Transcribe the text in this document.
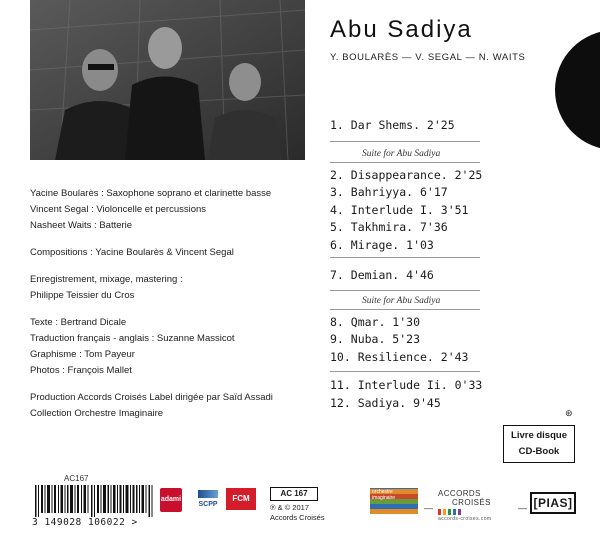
Yacine Boularès : Saxophone soprano et clarinette basse
Vincent Segal : Violoncelle et percussions
Nasheet Waits : Batterie
Compositions : Yacine Boularès & Vincent Segal
Enregistrement, mixage, mastering :
Philippe Teissier du Cros
Texte : Bertrand Dicale
Traduction français - anglais : Suzanne Massicot
Graphisme : Tom Payeur
Photos : François Mallet
Production Accords Croisés Label dirigée par Saïd Assadi
Collection Orchestre Imaginaire
Abu Sadiya
Y. BOULARÈS — V. SEGAL — N. WAITS
1. Dar Shems. 2'25
Suite for Abu Sadiya
2. Disappearance. 2'25
3. Bahriyya. 6'17
4. Interlude I. 3'51
5. Takhmira. 7'36
6. Mirage. 1'03
7. Demian. 4'46
Suite for Abu Sadiya
8. Qmar. 1'30
9. Nuba. 5'23
10. Resilience. 2'43
11. Interlude Ii. 0'33
12. Sadiya. 9'45
⊛
Livre disque
CD-Book
AC167
3 149028 106022 >
adami
SCPP
FCM
AC 167
℗ & © 2017
Accords Croisés
orchestre imaginaire
—
ACCORDS
CROISÉS
accords-croises.com
— [PIAS]
